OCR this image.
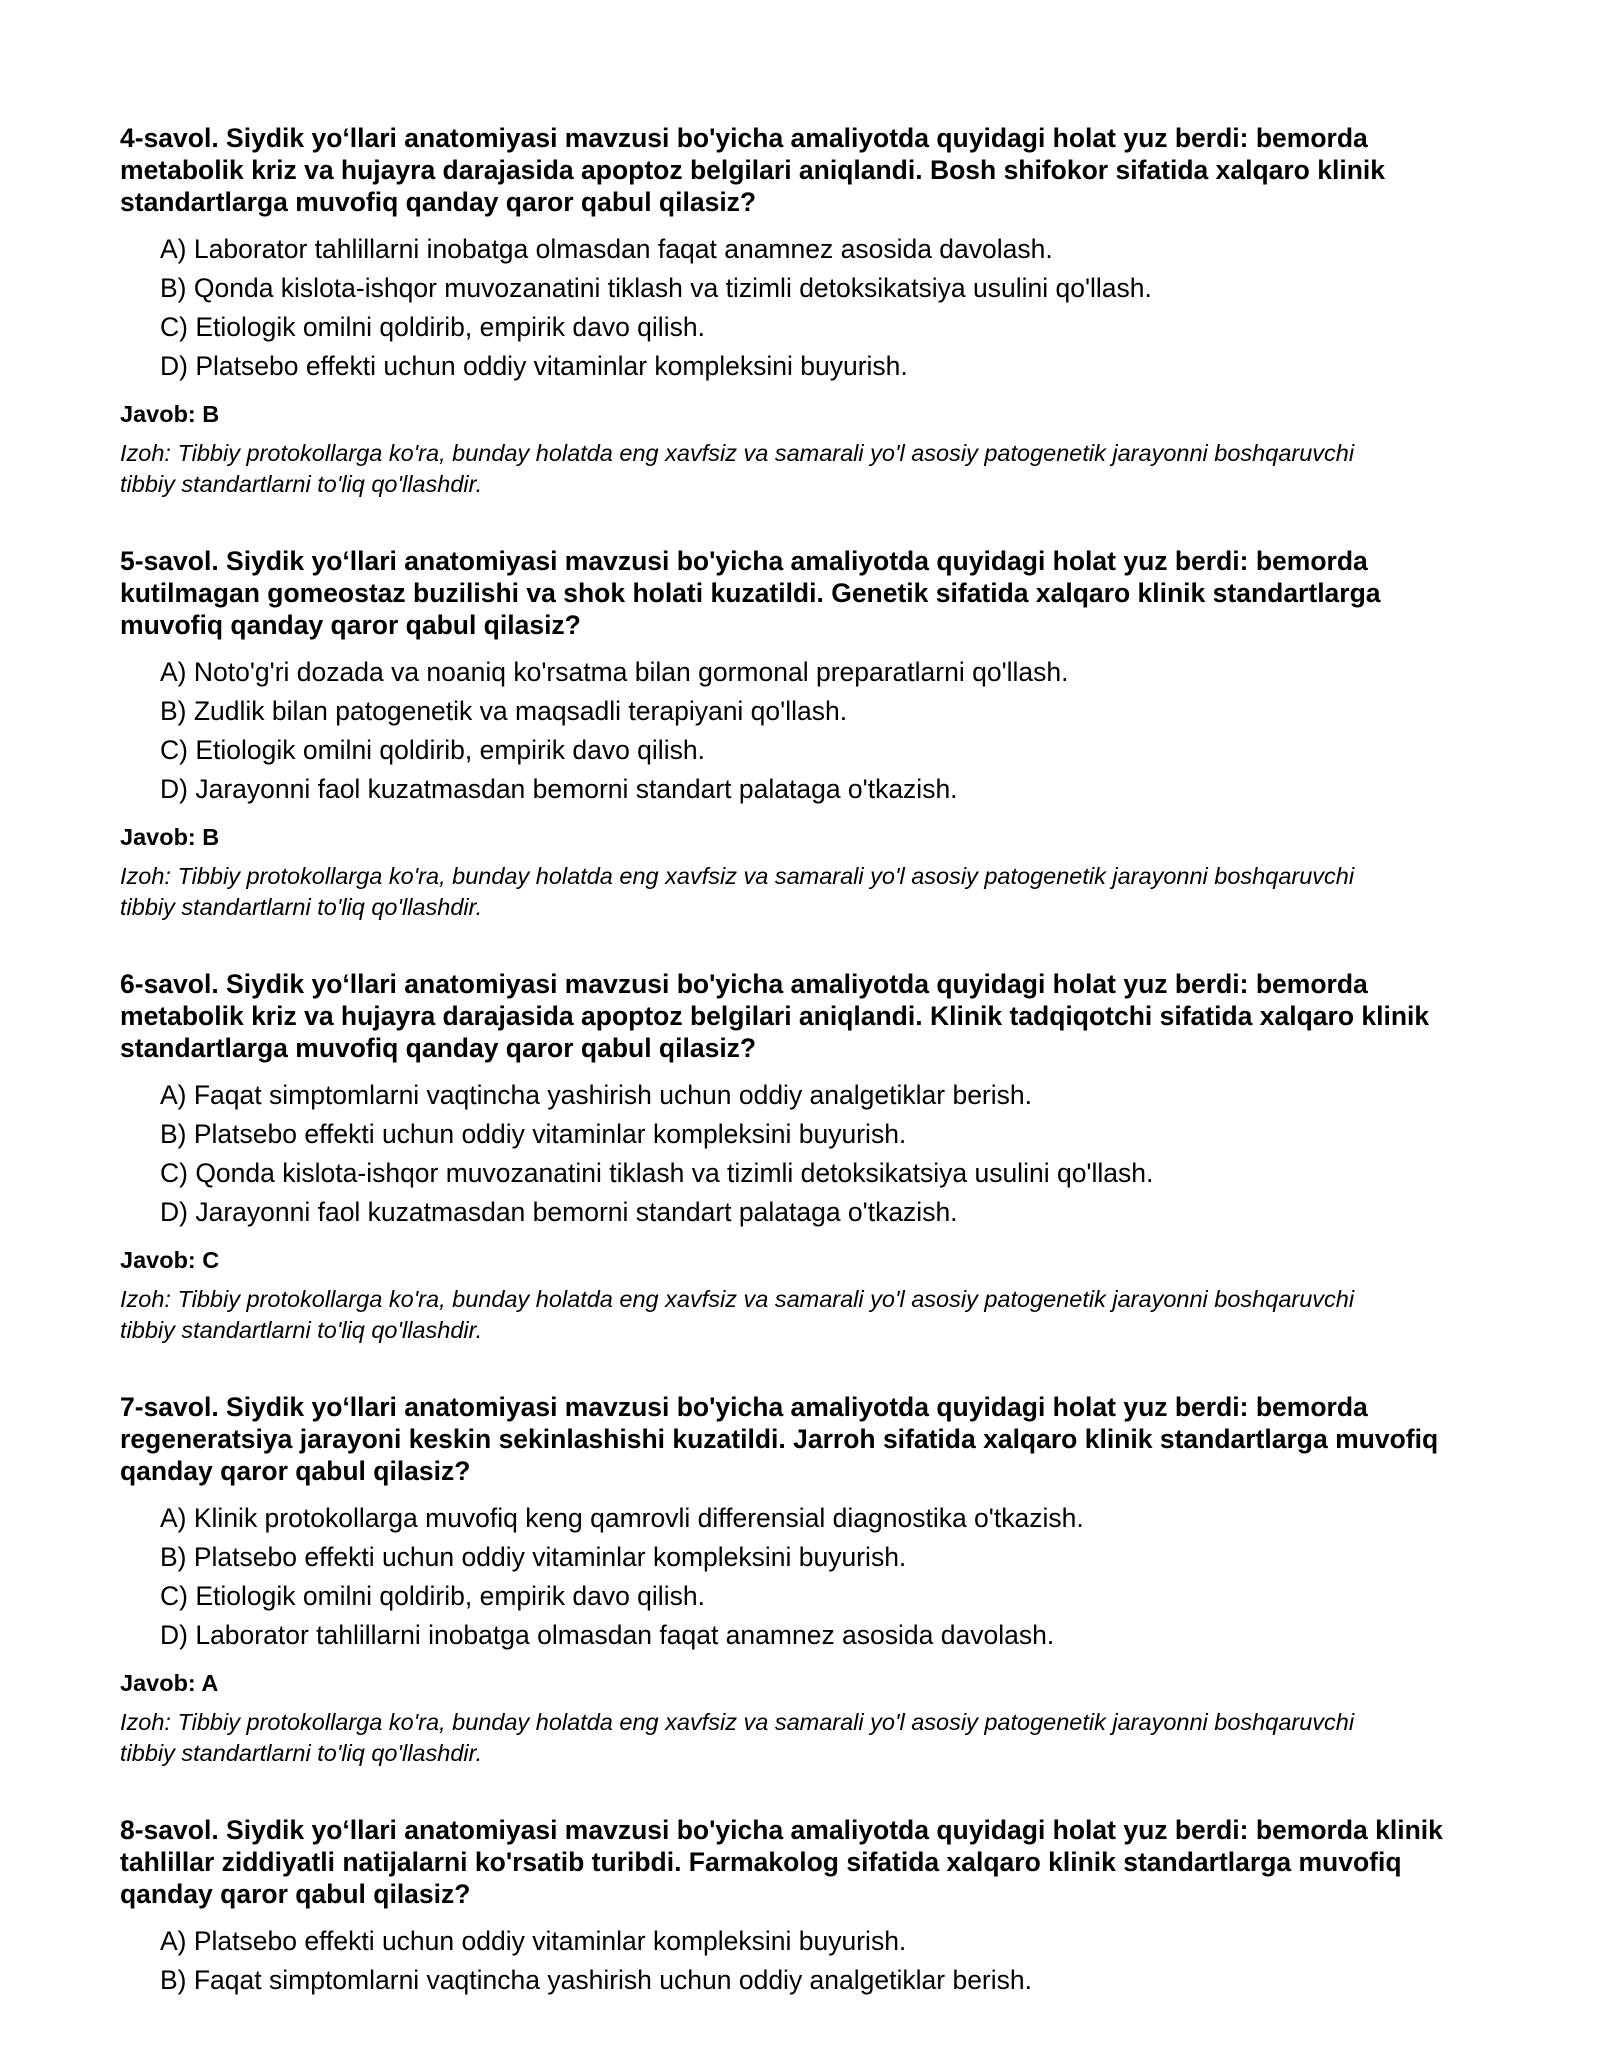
4-savol. Siydik yo‘llari anatomiyasi mavzusi bo'yicha amaliyotda quyidagi holat yuz berdi: bemorda metabolik kriz va hujayra darajasida apoptoz belgilari aniqlandi. Bosh shifokor sifatida xalqaro klinik standartlarga muvofiq qanday qaror qabul qilasiz?
A) Laborator tahlillarni inobatga olmasdan faqat anamnez asosida davolash.
B) Qonda kislota-ishqor muvozanatini tiklash va tizimli detoksikatsiya usulini qo'llash.
C) Etiologik omilni qoldirib, empirik davo qilish.
D) Platsebo effekti uchun oddiy vitaminlar kompleksini buyurish.
Javob: B

Izoh: Tibbiy protokollarga ko'ra, bunday holatda eng xavfsiz va samarali yo'l asosiy patogenetik jarayonni boshqaruvchi tibbiy standartlarni to'liq qo'llashdir.

5-savol. Siydik yo‘llari anatomiyasi mavzusi bo'yicha amaliyotda quyidagi holat yuz berdi: bemorda kutilmagan gomeostaz buzilishi va shok holati kuzatildi. Genetik sifatida xalqaro klinik standartlarga muvofiq qanday qaror qabul qilasiz?
A) Noto'g'ri dozada va noaniq ko'rsatma bilan gormonal preparatlarni qo'llash.
B) Zudlik bilan patogenetik va maqsadli terapiyani qo'llash.
C) Etiologik omilni qoldirib, empirik davo qilish.
D) Jarayonni faol kuzatmasdan bemorni standart palataga o'tkazish.
Javob: B

Izoh: Tibbiy protokollarga ko'ra, bunday holatda eng xavfsiz va samarali yo'l asosiy patogenetik jarayonni boshqaruvchi tibbiy standartlarni to'liq qo'llashdir.

6-savol. Siydik yo‘llari anatomiyasi mavzusi bo'yicha amaliyotda quyidagi holat yuz berdi: bemorda metabolik kriz va hujayra darajasida apoptoz belgilari aniqlandi. Klinik tadqiqotchi sifatida xalqaro klinik standartlarga muvofiq qanday qaror qabul qilasiz?
A) Faqat simptomlarni vaqtincha yashirish uchun oddiy analgetiklar berish.
B) Platsebo effekti uchun oddiy vitaminlar kompleksini buyurish.
C) Qonda kislota-ishqor muvozanatini tiklash va tizimli detoksikatsiya usulini qo'llash.
D) Jarayonni faol kuzatmasdan bemorni standart palataga o'tkazish.
Javob: C

Izoh: Tibbiy protokollarga ko'ra, bunday holatda eng xavfsiz va samarali yo'l asosiy patogenetik jarayonni boshqaruvchi tibbiy standartlarni to'liq qo'llashdir.

7-savol. Siydik yo‘llari anatomiyasi mavzusi bo'yicha amaliyotda quyidagi holat yuz berdi: bemorda regeneratsiya jarayoni keskin sekinlashishi kuzatildi. Jarroh sifatida xalqaro klinik standartlarga muvofiq qanday qaror qabul qilasiz?
A) Klinik protokollarga muvofiq keng qamrovli differensial diagnostika o'tkazish.
B) Platsebo effekti uchun oddiy vitaminlar kompleksini buyurish.
C) Etiologik omilni qoldirib, empirik davo qilish.
D) Laborator tahlillarni inobatga olmasdan faqat anamnez asosida davolash.
Javob: A

Izoh: Tibbiy protokollarga ko'ra, bunday holatda eng xavfsiz va samarali yo'l asosiy patogenetik jarayonni boshqaruvchi tibbiy standartlarni to'liq qo'llashdir.

8-savol. Siydik yo‘llari anatomiyasi mavzusi bo'yicha amaliyotda quyidagi holat yuz berdi: bemorda klinik tahlillar ziddiyatli natijalarni ko'rsatib turibdi. Farmakolog sifatida xalqaro klinik standartlarga muvofiq qanday qaror qabul qilasiz?
A) Platsebo effekti uchun oddiy vitaminlar kompleksini buyurish.
B) Faqat simptomlarni vaqtincha yashirish uchun oddiy analgetiklar berish.
